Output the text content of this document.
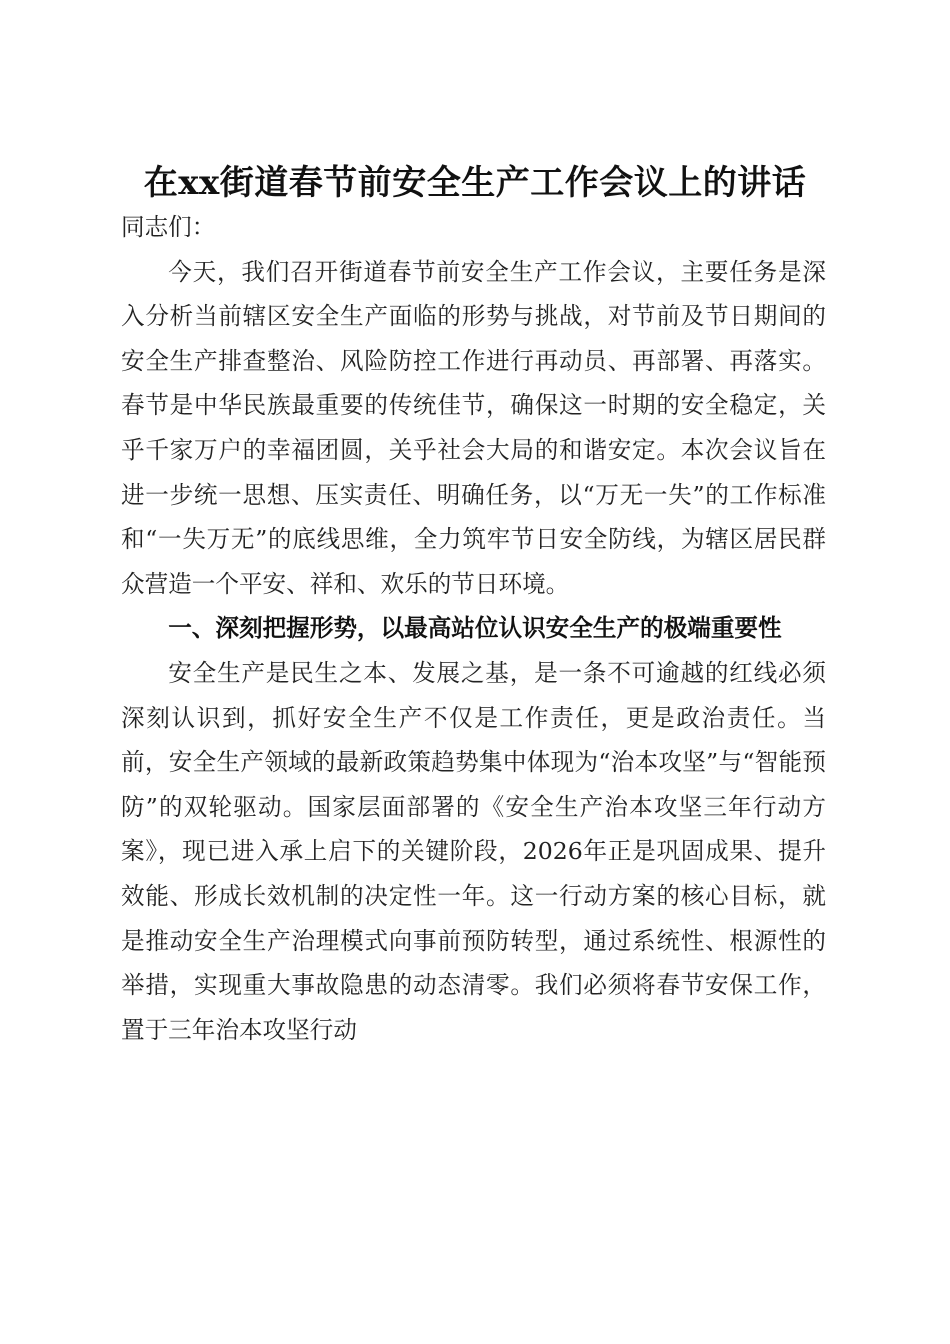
在xx街道春节前安全生产工作会议上的讲话

同志们：

今天，我们召开街道春节前安全生产工作会议，主要任务是深入分析当前辖区安全生产面临的形势与挑战，对节前及节日期间的安全生产排查整治、风险防控工作进行再动员、再部署、再落实。春节是中华民族最重要的传统佳节，确保这一时期的安全稳定，关乎千家万户的幸福团圆，关乎社会大局的和谐安定。本次会议旨在进一步统一思想、压实责任、明确任务，以“万无一失”的工作标准和“一失万无”的底线思维，全力筑牢节日安全防线，为辖区居民群众营造一个平安、祥和、欢乐的节日环境。

一、深刻把握形势，以最高站位认识安全生产的极端重要性

安全生产是民生之本、发展之基，是一条不可逾越的红线必须深刻认识到，抓好安全生产不仅是工作责任，更是政治责任。当前，安全生产领域的最新政策趋势集中体现为“治本攻坚”与“智能预防”的双轮驱动。国家层面部署的《安全生产治本攻坚三年行动方案》，现已进入承上启下的关键阶段，2026年正是巩固成果、提升效能、形成长效机制的决定性一年。这一行动方案的核心目标，就是推动安全生产治理模式向事前预防转型，通过系统性、根源性的举措，实现重大事故隐患的动态清零。我们必须将春节安保工作，置于三年治本攻坚行动
